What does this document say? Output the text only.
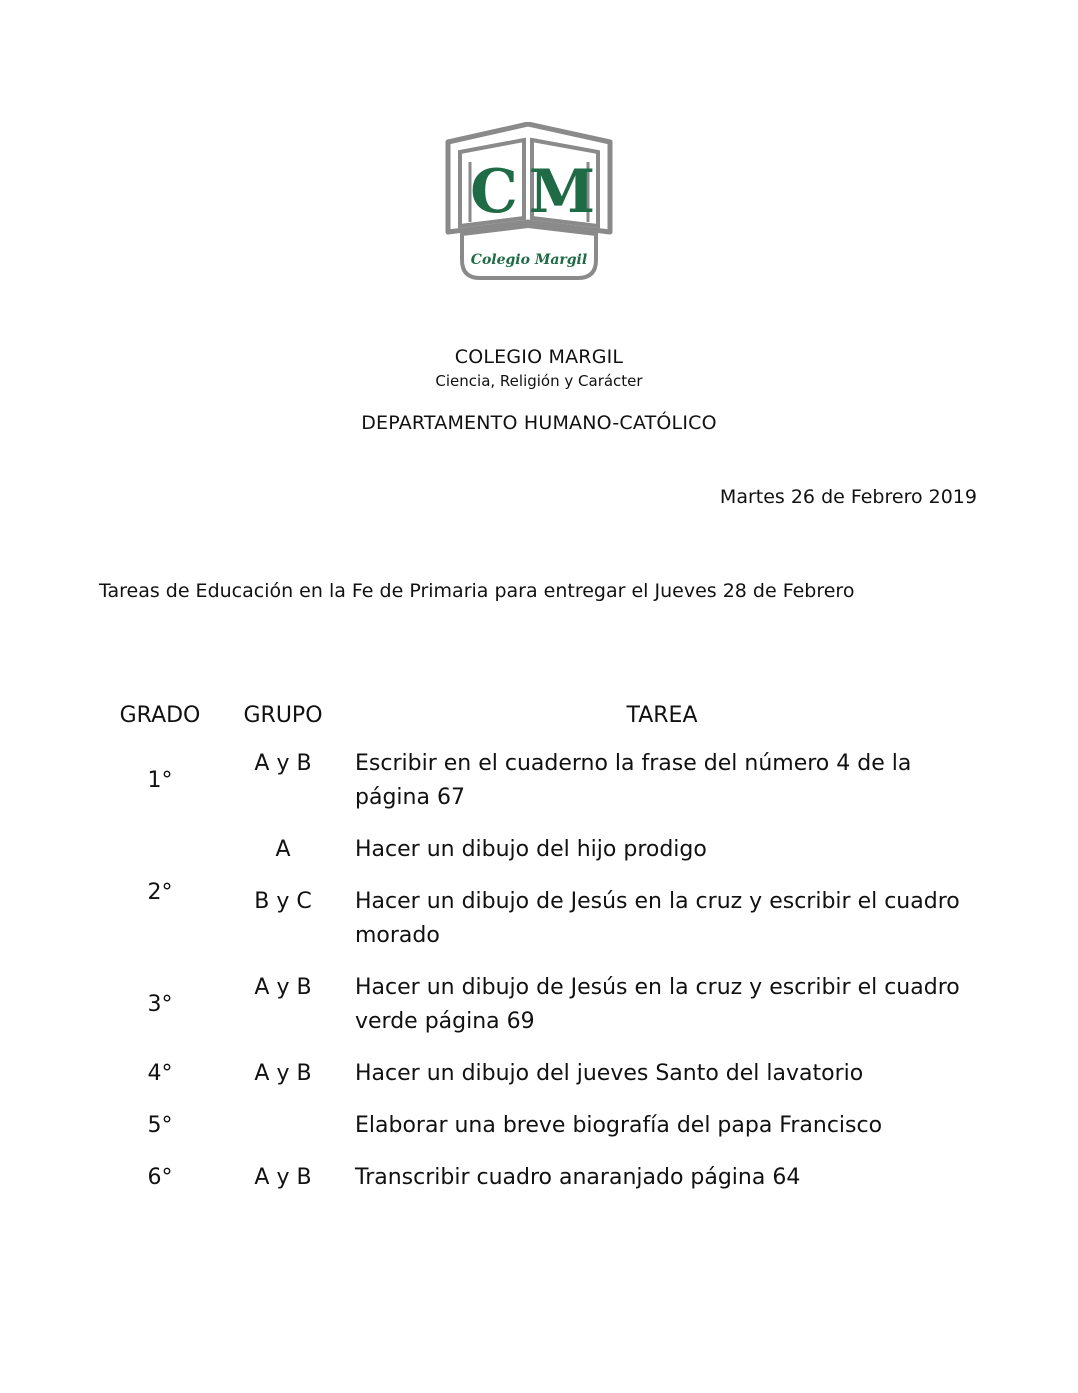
C M
Colegio Margil
COLEGIO MARGIL
Ciencia, Religión y Carácter
DEPARTAMENTO HUMANO-CATÓLICO
Martes 26 de Febrero 2019
Tareas de Educación en la Fe de Primaria para entregar el Jueves 28 de Febrero
GRADO	GRUPO	TAREA
1°	A y B	Escribir en el cuaderno la frase del número 4 de la página 67
2°	A	Hacer un dibujo del hijo prodigo
	B y C	Hacer un dibujo de Jesús en la cruz y escribir el cuadro morado
3°	A y B	Hacer un dibujo de Jesús en la cruz y escribir el cuadro verde página 69
4°	A y B	Hacer un dibujo del jueves Santo del lavatorio
5°		Elaborar una breve biografía del papa Francisco
6°	A y B	Transcribir cuadro anaranjado página 64
